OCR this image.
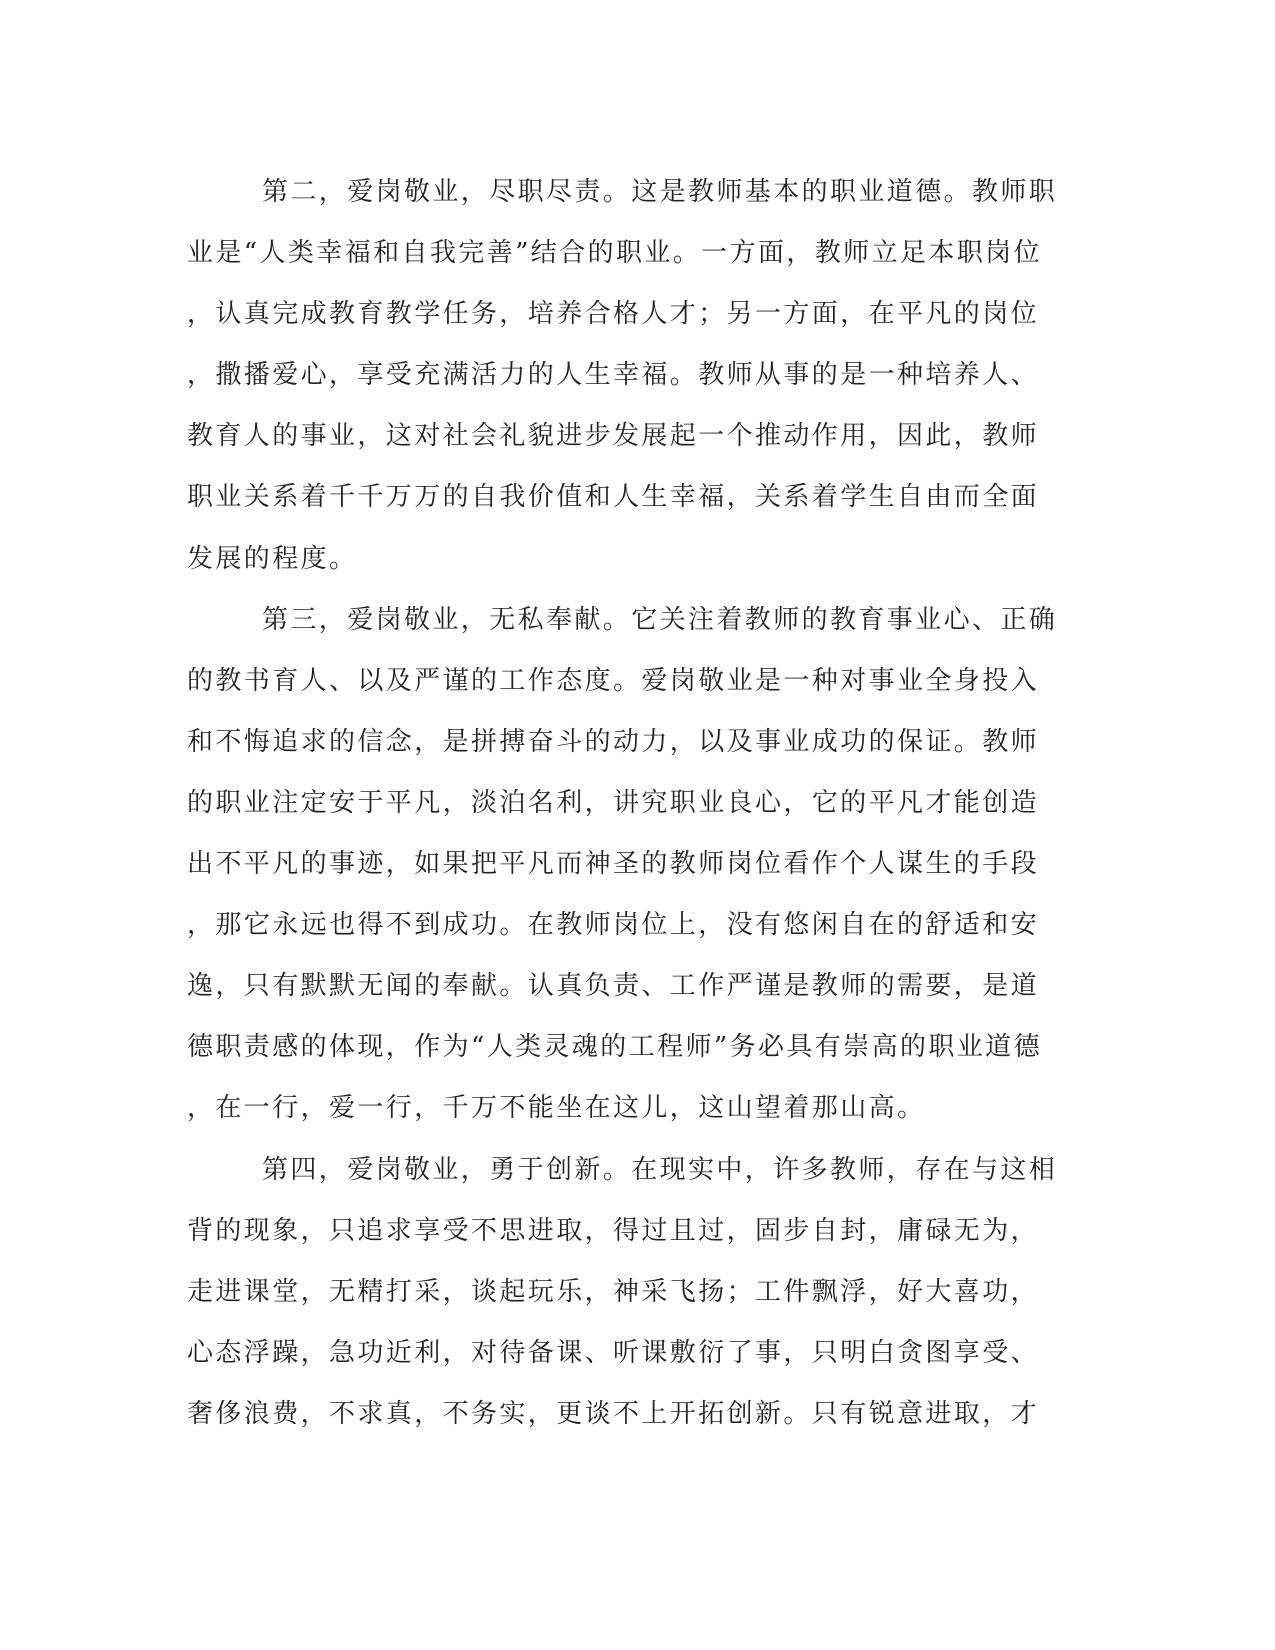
第二，爱岗敬业，尽职尽责。这是教师基本的职业道德。教师职
业是“人类幸福和自我完善”结合的职业。一方面，教师立足本职岗位
，认真完成教育教学任务，培养合格人才；另一方面，在平凡的岗位
，撒播爱心，享受充满活力的人生幸福。教师从事的是一种培养人、
教育人的事业，这对社会礼貌进步发展起一个推动作用，因此，教师
职业关系着千千万万的自我价值和人生幸福，关系着学生自由而全面
发展的程度。
第三，爱岗敬业，无私奉献。它关注着教师的教育事业心、正确
的教书育人、以及严谨的工作态度。爱岗敬业是一种对事业全身投入
和不悔追求的信念，是拼搏奋斗的动力，以及事业成功的保证。教师
的职业注定安于平凡，淡泊名利，讲究职业良心，它的平凡才能创造
出不平凡的事迹，如果把平凡而神圣的教师岗位看作个人谋生的手段
，那它永远也得不到成功。在教师岗位上，没有悠闲自在的舒适和安
逸，只有默默无闻的奉献。认真负责、工作严谨是教师的需要，是道
德职责感的体现，作为“人类灵魂的工程师”务必具有崇高的职业道德
，在一行，爱一行，千万不能坐在这儿，这山望着那山高。
第四，爱岗敬业，勇于创新。在现实中，许多教师，存在与这相
背的现象，只追求享受不思进取，得过且过，固步自封，庸碌无为，
走进课堂，无精打采，谈起玩乐，神采飞扬；工件飘浮，好大喜功，
心态浮躁，急功近利，对待备课、听课敷衍了事，只明白贪图享受、
奢侈浪费，不求真，不务实，更谈不上开拓创新。只有锐意进取，才
